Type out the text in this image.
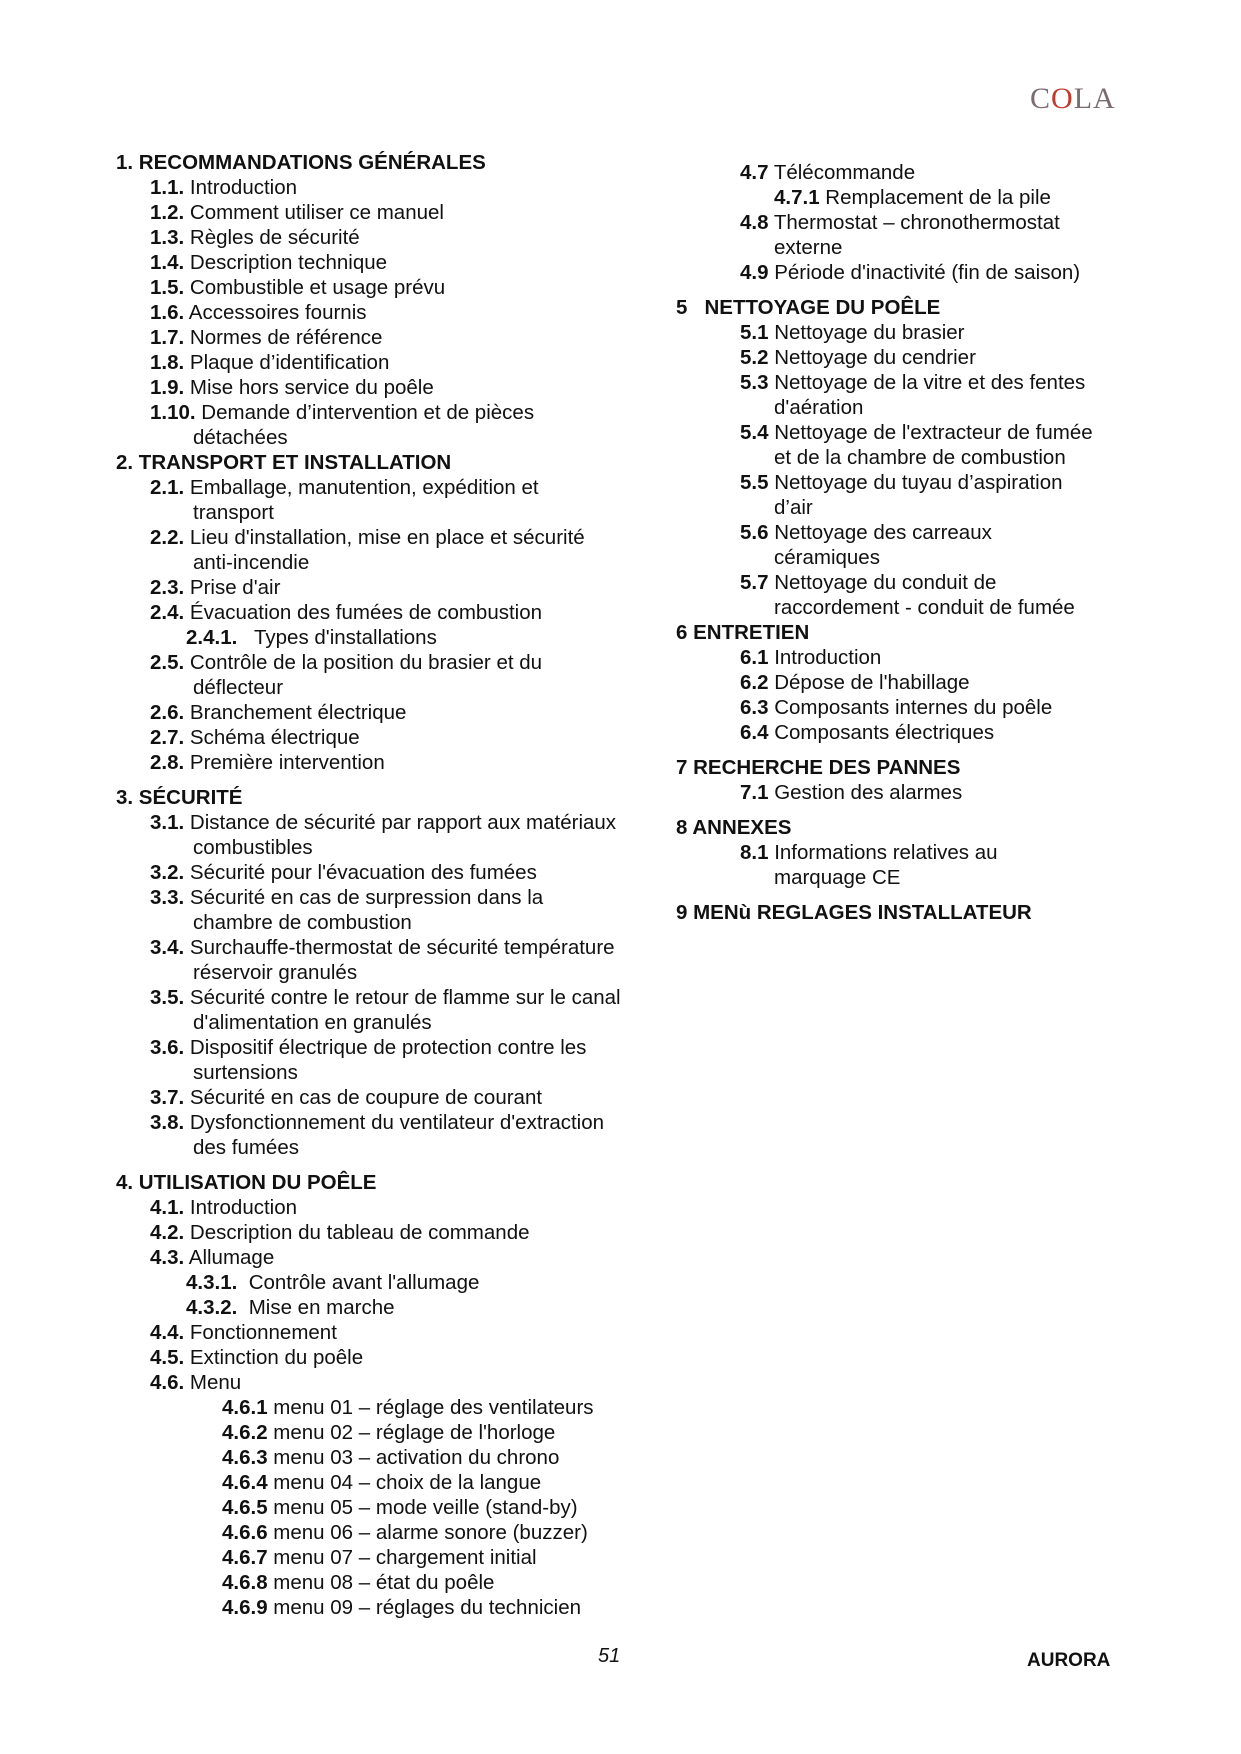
COLA
1. RECOMMANDATIONS GÉNÉRALES
1.1. Introduction
1.2. Comment utiliser ce manuel
1.3. Règles de sécurité
1.4. Description technique
1.5. Combustible et usage prévu
1.6. Accessoires fournis
1.7. Normes de référence
1.8. Plaque d’identification
1.9. Mise hors service du poêle
1.10. Demande d’intervention et de pièces
détachées
2. TRANSPORT ET INSTALLATION
2.1. Emballage, manutention, expédition et
transport
2.2. Lieu d'installation, mise en place et sécurité
anti-incendie
2.3. Prise d'air
2.4. Évacuation des fumées de combustion
2.4.1.   Types d'installations
2.5. Contrôle de la position du brasier et du
déflecteur
2.6. Branchement électrique
2.7. Schéma électrique
2.8. Première intervention
3. SÉCURITÉ
3.1. Distance de sécurité par rapport aux matériaux
combustibles
3.2. Sécurité pour l'évacuation des fumées
3.3. Sécurité en cas de surpression dans la
chambre de combustion
3.4. Surchauffe-thermostat de sécurité température
réservoir granulés
3.5. Sécurité contre le retour de flamme sur le canal
d'alimentation en granulés
3.6. Dispositif électrique de protection contre les
surtensions
3.7. Sécurité en cas de coupure de courant
3.8. Dysfonctionnement du ventilateur d'extraction
des fumées
4. UTILISATION DU POÊLE
4.1. Introduction
4.2. Description du tableau de commande
4.3. Allumage
4.3.1.  Contrôle avant l'allumage
4.3.2.  Mise en marche
4.4. Fonctionnement
4.5. Extinction du poêle
4.6. Menu
4.6.1 menu 01 – réglage des ventilateurs
4.6.2 menu 02 – réglage de l'horloge
4.6.3 menu 03 – activation du chrono
4.6.4 menu 04 – choix de la langue
4.6.5 menu 05 – mode veille (stand-by)
4.6.6 menu 06 – alarme sonore (buzzer)
4.6.7 menu 07 – chargement initial
4.6.8 menu 08 – état du poêle
4.6.9 menu 09 – réglages du technicien
4.7 Télécommande
4.7.1 Remplacement de la pile
4.8 Thermostat – chronothermostat
externe
4.9 Période d'inactivité (fin de saison)
5   NETTOYAGE DU POÊLE
5.1 Nettoyage du brasier
5.2 Nettoyage du cendrier
5.3 Nettoyage de la vitre et des fentes
d'aération
5.4 Nettoyage de l'extracteur de fumée
et de la chambre de combustion
5.5 Nettoyage du tuyau d’aspiration
d’air
5.6 Nettoyage des carreaux
céramiques
5.7 Nettoyage du conduit de
raccordement - conduit de fumée
6 ENTRETIEN
6.1 Introduction
6.2 Dépose de l'habillage
6.3 Composants internes du poêle
6.4 Composants électriques
7 RECHERCHE DES PANNES
7.1 Gestion des alarmes
8 ANNEXES
8.1 Informations relatives au
marquage CE
9 MENù REGLAGES INSTALLATEUR
51	AURORA
